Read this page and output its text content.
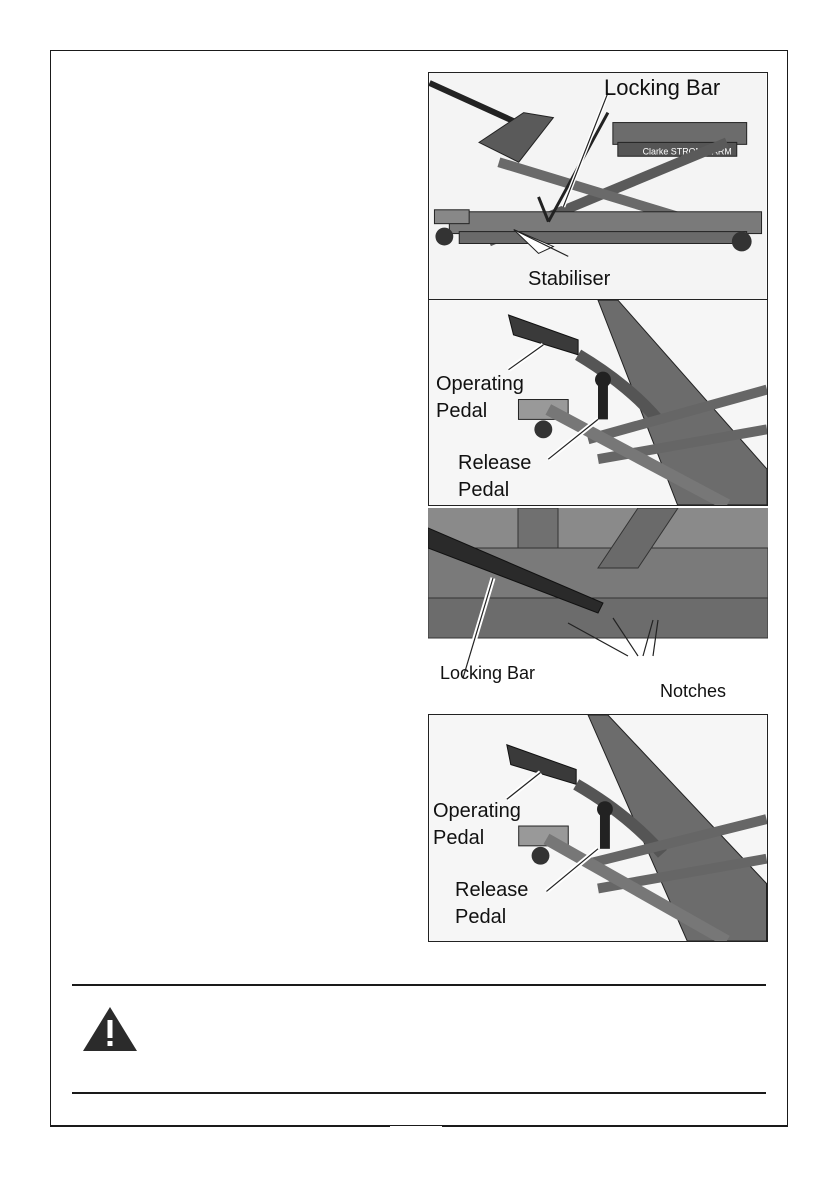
Clarke STRONG-ARM
Locking Bar
Stabiliser
Operating
Pedal
Release
Pedal
Locking Bar
Notches
Operating
Pedal
Release
Pedal
